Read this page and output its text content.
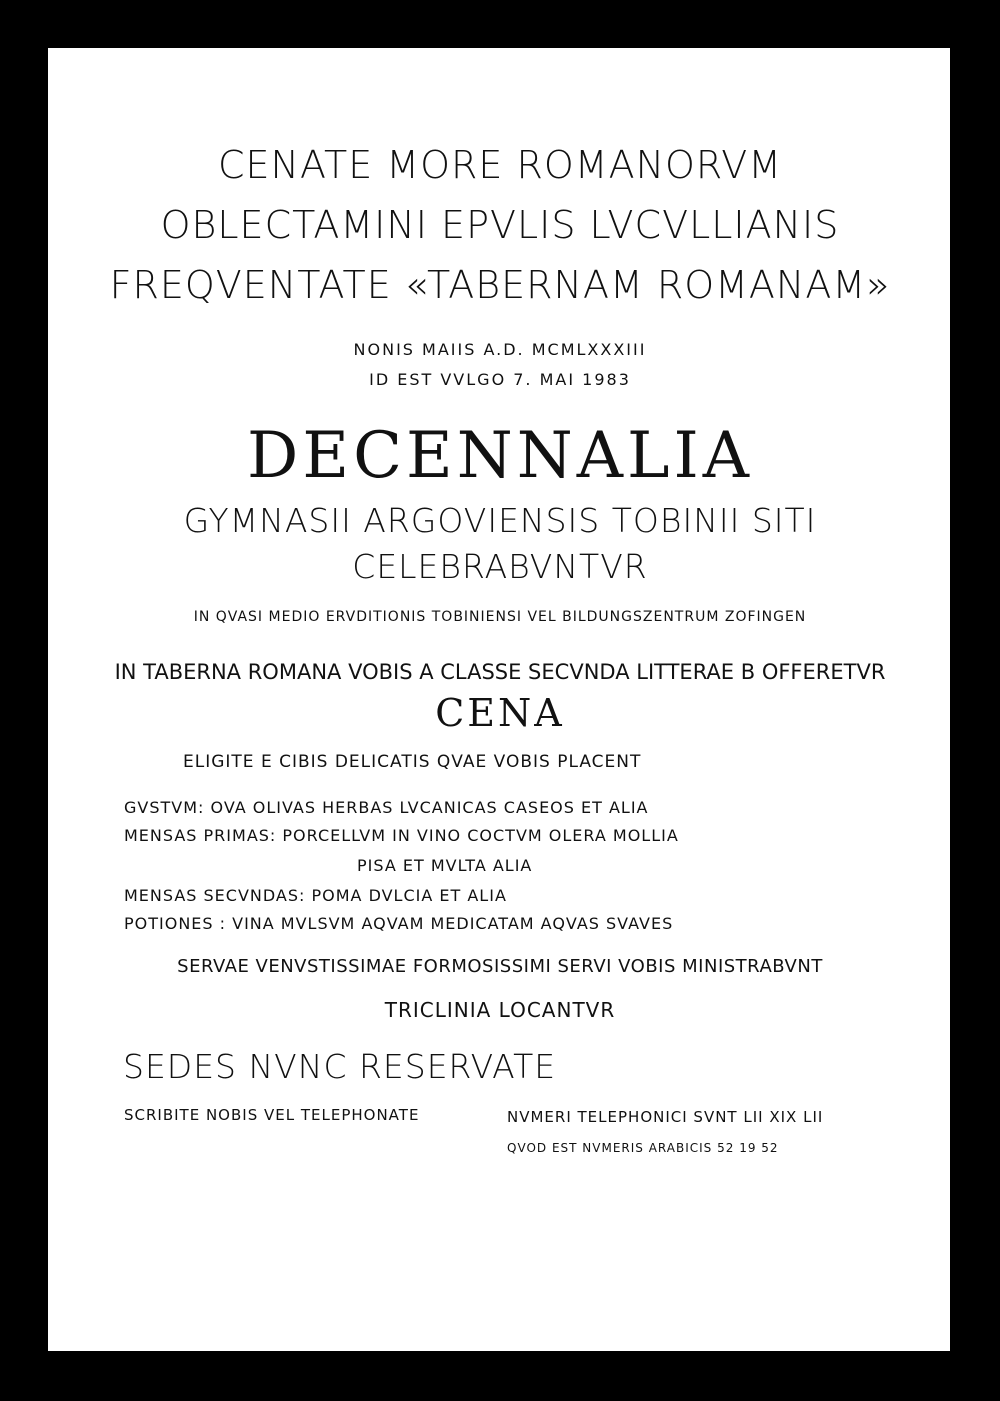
CENATE MORE ROMANORVM

OBLECTAMINI EPVLIS LVCVLLIANIS

FREQVENTATE «TABERNAM ROMANAM»

NONIS MAIIS A.D. MCMLXXXIII

ID EST VVLGO 7. MAI 1983

DECENNALIA

GYMNASII ARGOVIENSIS TOBINII SITI

CELEBRABVNTVR

IN QVASI MEDIO ERVDITIONIS TOBINIENSI VEL BILDUNGSZENTRUM ZOFINGEN

IN TABERNA ROMANA VOBIS A CLASSE SECVNDA LITTERAE B OFFERETVR

CENA

ELIGITE E CIBIS DELICATIS QVAE VOBIS PLACENT

GVSTVM: OVA OLIVAS HERBAS LVCANICAS CASEOS ET ALIA

MENSAS PRIMAS: PORCELLVM IN VINO COCTVM OLERA MOLLIA

PISA ET MVLTA ALIA

MENSAS SECVNDAS: POMA DVLCIA ET ALIA

POTIONES : VINA MVLSVM AQVAM MEDICATAM AQVAS SVAVES

SERVAE VENVSTISSIMAE FORMOSISSIMI SERVI VOBIS MINISTRABVNT

TRICLINIA LOCANTVR

SEDES NVNC RESERVATE

SCRIBITE NOBIS VEL TELEPHONATE	NVMERI TELEPHONICI SVNT LII XIX LII

QVOD EST NVMERIS ARABICIS 52 19 52
